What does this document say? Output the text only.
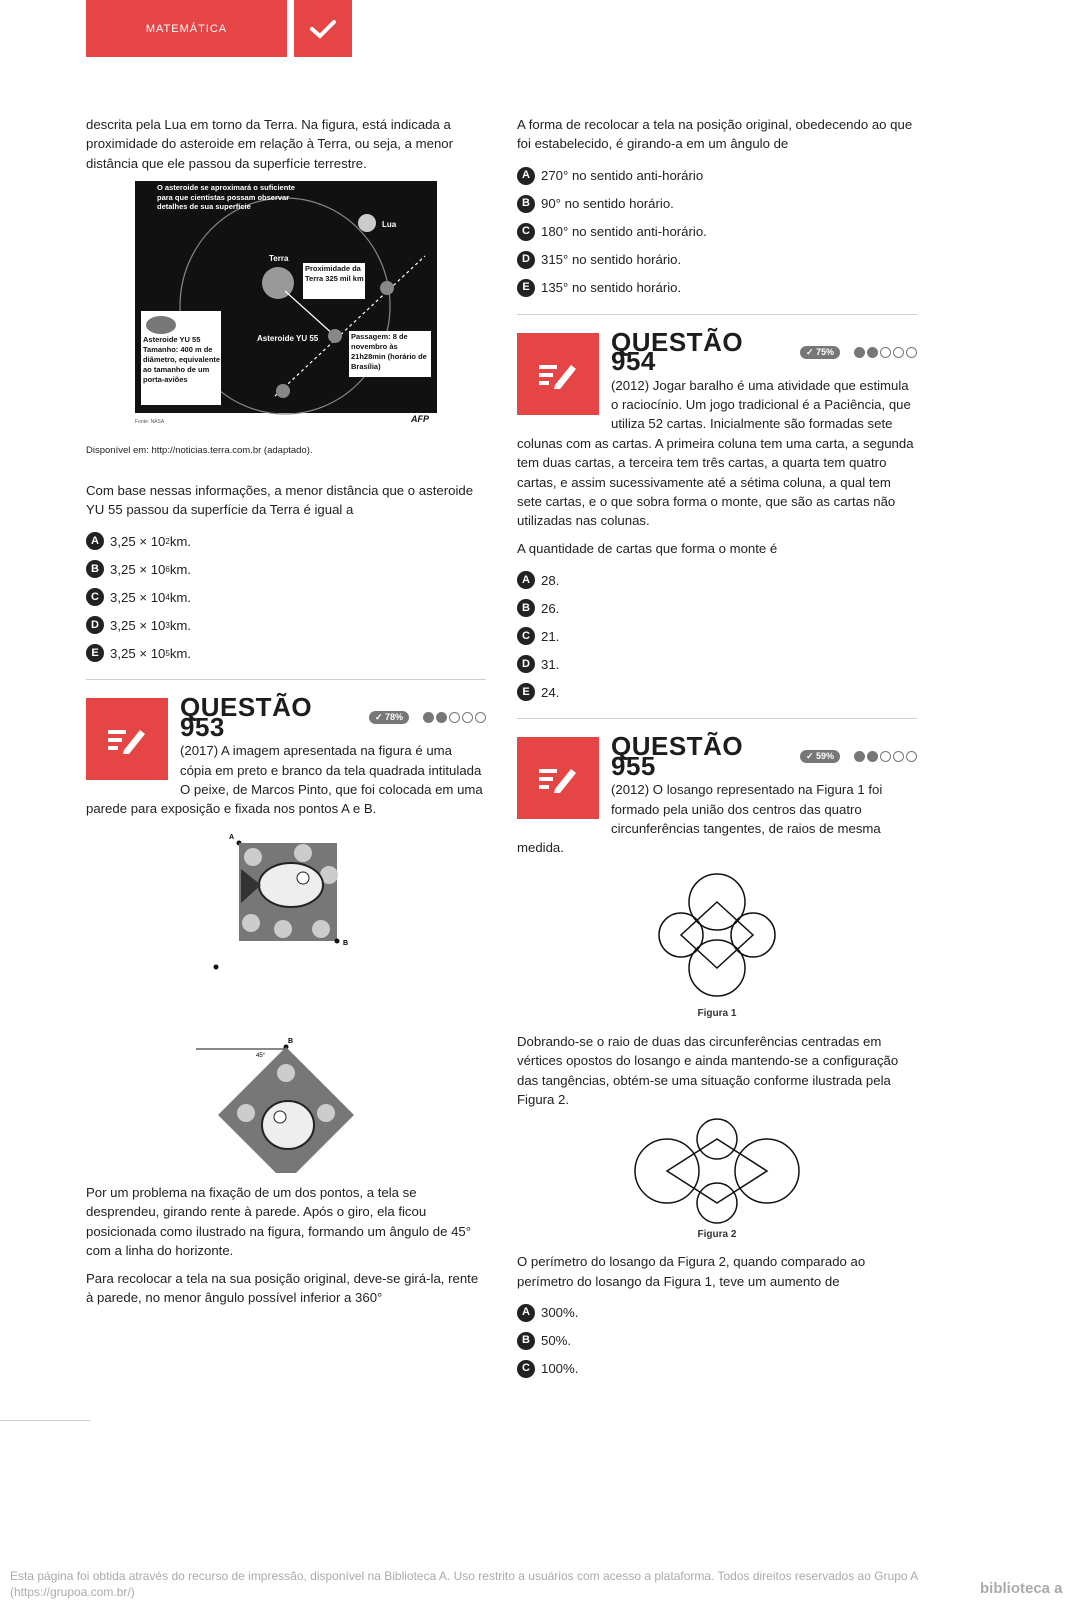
MATEMÁTICA

descrita pela Lua em torno da Terra. Na figura, está indicada a proximidade do asteroide em relação à Terra, ou seja, a menor distância que ele passou da superfície terrestre.

O asteroide se aproximará o suficiente para que cientistas possam observar detalhes de sua superfície
Lua
Terra
Proximidade da Terra 325 mil km
Asteroide YU 55
Asteroide YU 55 Tamanho: 400 m de diâmetro, equivalente ao tamanho de um porta-aviões
Passagem: 8 de novembro às 21h28min (horário de Brasília)
Fonte: NASA	AFP
Disponível em: http://noticias.terra.com.br (adaptado).

Com base nessas informações, a menor distância que o asteroide YU 55 passou da superfície da Terra é igual a

A 3,25 × 10 2 km.
B 3,25 × 10 6 km.
C 3,25 × 10 4 km.
D 3,25 × 10 3 km.
E 3,25 × 10 5 km.
QUESTÃO 953	✓ 78%

(2017) A imagem apresentada na figura é uma cópia em preto e branco da tela quadrada intitulada O peixe, de Marcos Pinto, que foi colocada em uma parede para exposição e fixada nos pontos A e B.

A
B
45°
B

Por um problema na fixação de um dos pontos, a tela se desprendeu, girando rente à parede. Após o giro, ela ficou posicionada como ilustrado na figura, formando um ângulo de 45° com a linha do horizonte.

Para recolocar a tela na sua posição original, deve-se girá-la, rente à parede, no menor ângulo possível inferior a 360°

A forma de recolocar a tela na posição original, obedecendo ao que foi estabelecido, é girando-a em um ângulo de

A 270° no sentido anti-horário
B 90° no sentido horário.
C 180° no sentido anti-horário.
D 315° no sentido horário.
E 135° no sentido horário.
QUESTÃO 954	✓ 75%

(2012) Jogar baralho é uma atividade que estimula o raciocínio. Um jogo tradicional é a Paciência, que utiliza 52 cartas. Inicialmente são formadas sete colunas com as cartas. A primeira coluna tem uma carta, a segunda tem duas cartas, a terceira tem três cartas, a quarta tem quatro cartas, e assim sucessivamente até a sétima coluna, a qual tem sete cartas, e o que sobra forma o monte, que são as cartas não utilizadas nas colunas.

A quantidade de cartas que forma o monte é

A 28.
B 26.
C 21.
D 31.
E 24.
QUESTÃO 955	✓ 59%

(2012) O losango representado na Figura 1 foi formado pela união dos centros das quatro circunferências tangentes, de raios de mesma medida.

Figura 1

Dobrando-se o raio de duas das circunferências centradas em vértices opostos do losango e ainda mantendo-se a configuração das tangências, obtém-se uma situação conforme ilustrada pela Figura 2.

Figura 2

O perímetro do losango da Figura 2, quando comparado ao perímetro do losango da Figura 1, teve um aumento de

A 300%.
B 50%.
C 100%.
Esta página foi obtida através do recurso de impressão, disponível na Biblioteca A. Uso restrito a usuários com acesso a plataforma. Todos direitos reservados ao Grupo A (https://grupoa.com.br/)	biblioteca a
